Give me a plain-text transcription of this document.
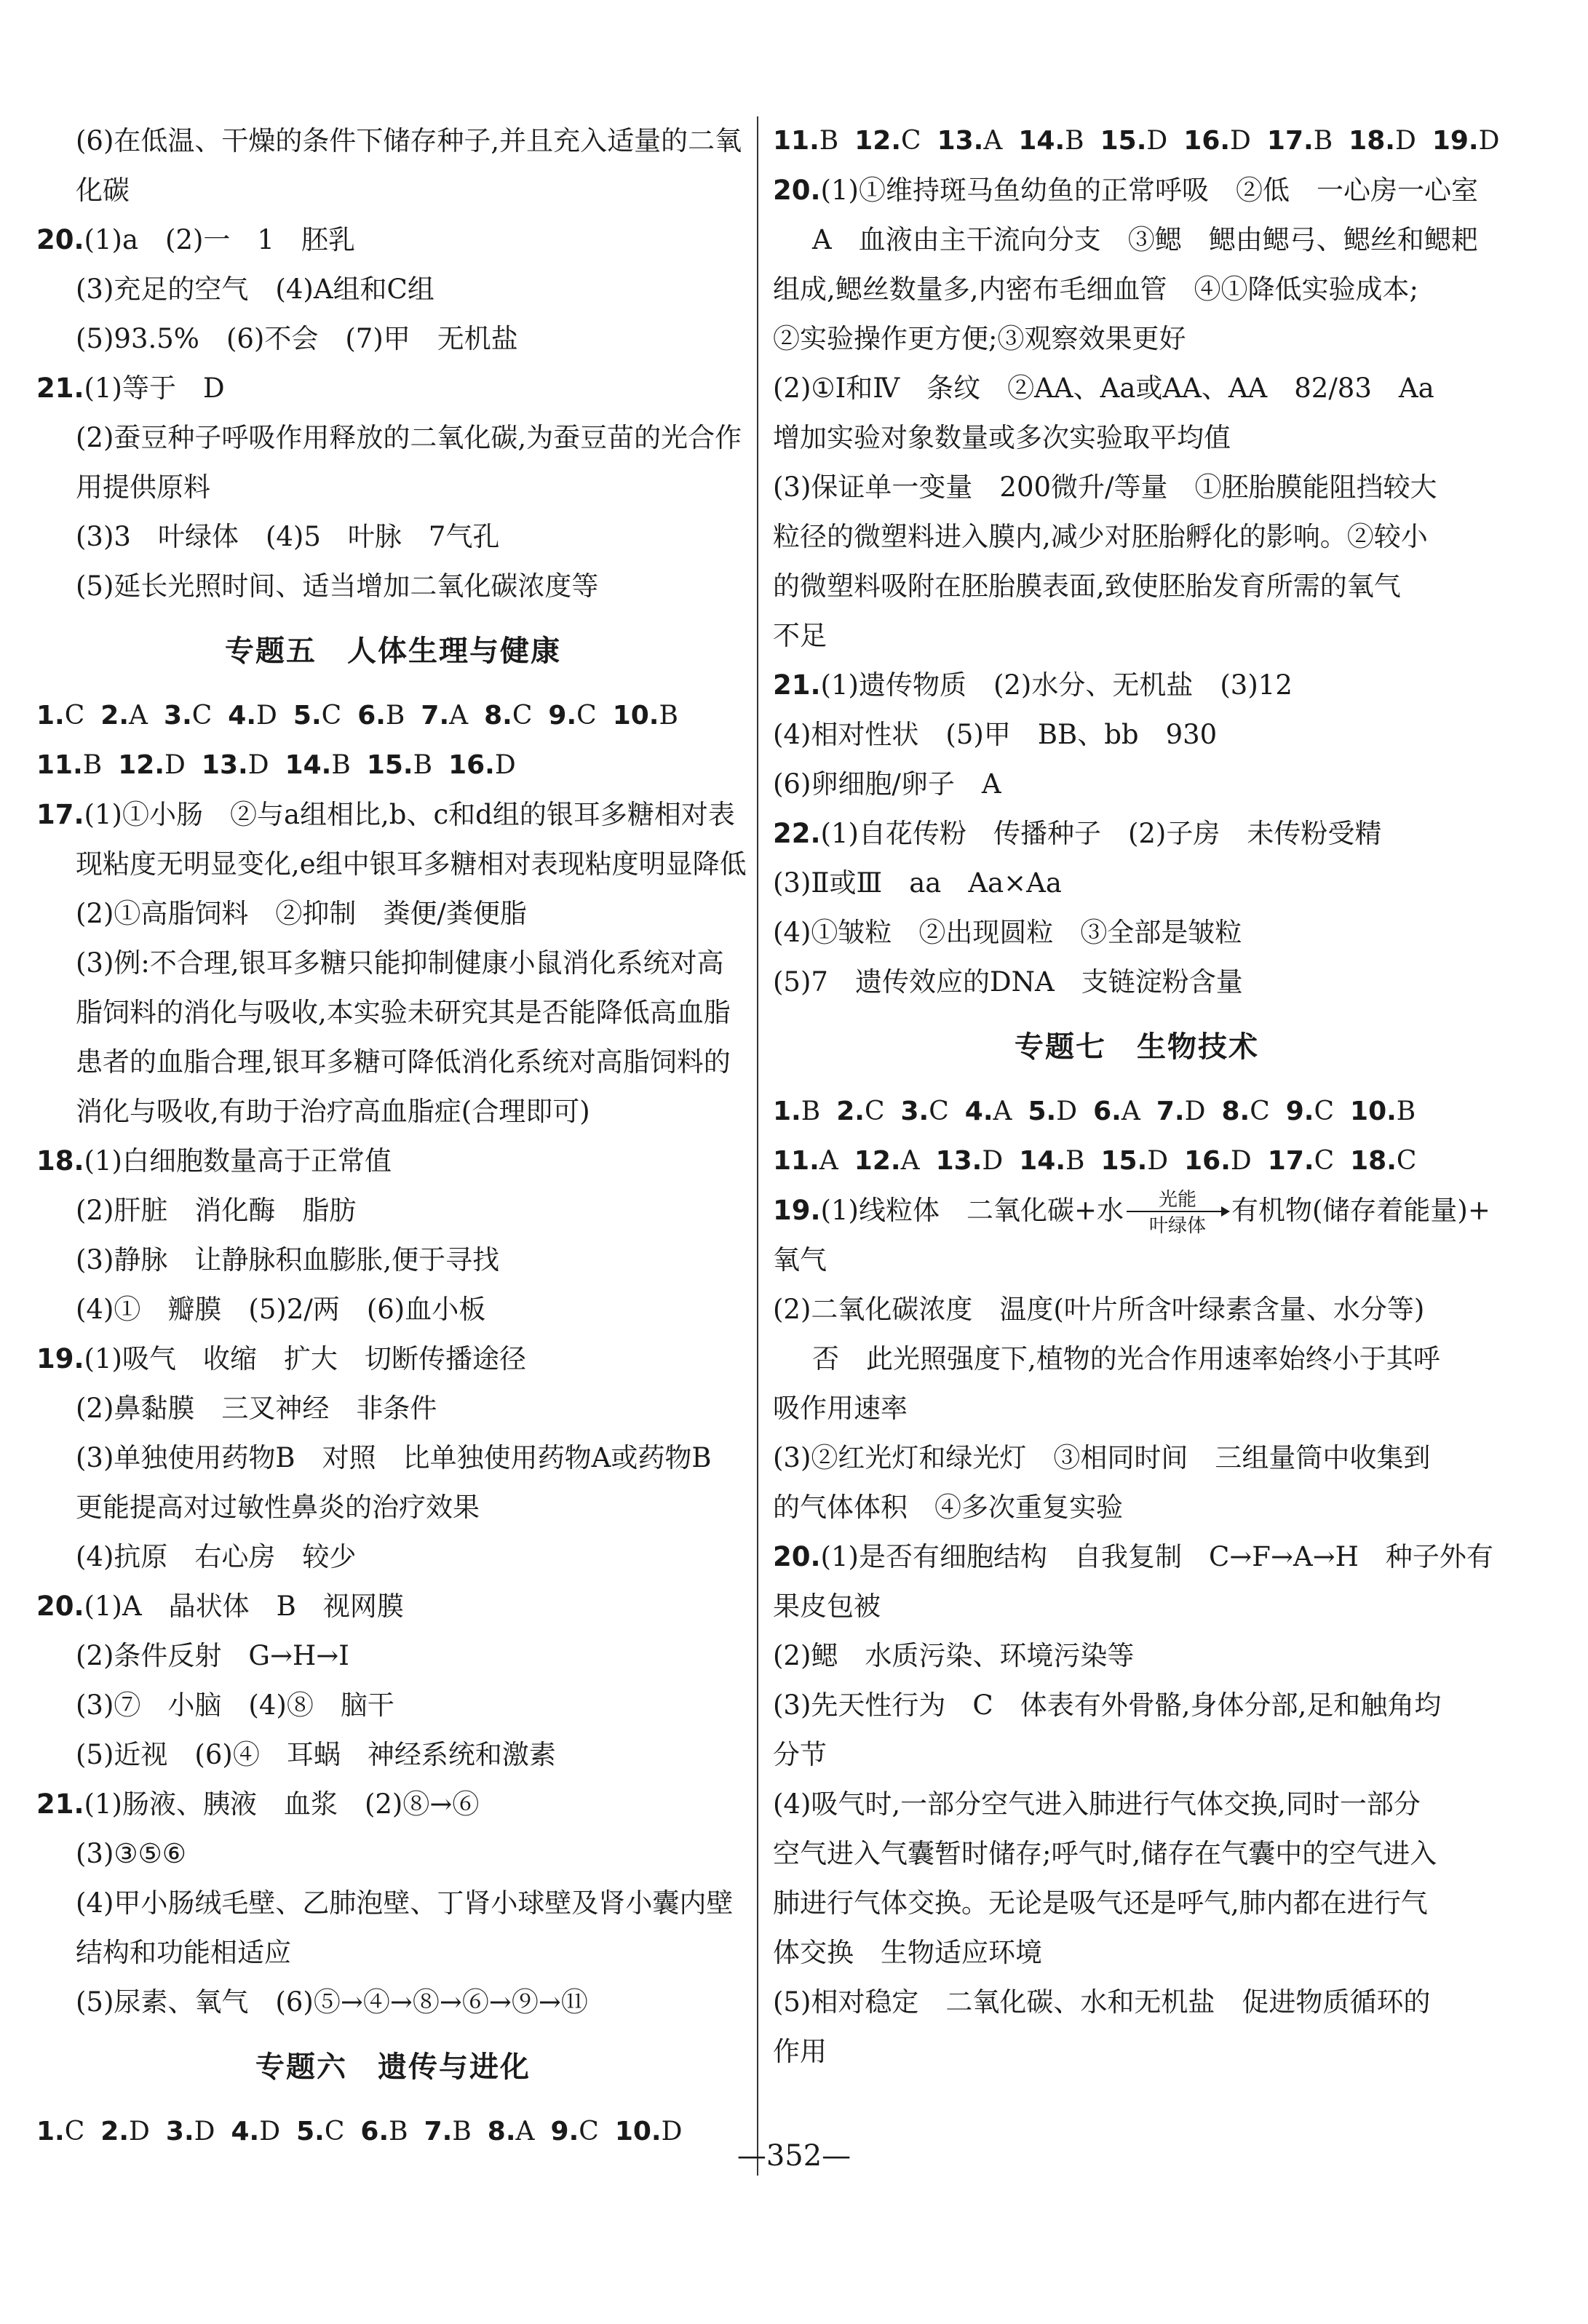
(6)在低温、干燥的条件下储存种子,并且充入适量的二氧
化碳
20.(1)a　(2)一　1　胚乳
(3)充足的空气　(4)A组和C组
(5)93.5%　(6)不会　(7)甲　无机盐
21.(1)等于　D
(2)蚕豆种子呼吸作用释放的二氧化碳,为蚕豆苗的光合作
用提供原料
(3)3　叶绿体　(4)5　叶脉　7气孔
(5)延长光照时间、适当增加二氧化碳浓度等
专题五　人体生理与健康
1.C 2.A 3.C 4.D 5.C 6.B 7.A 8.C 9.C 10.B
11.B 12.D 13.D 14.B 15.B 16.D
17.(1)①小肠　②与a组相比,b、c和d组的银耳多糖相对表
现粘度无明显变化,e组中银耳多糖相对表现粘度明显降低
(2)①高脂饲料　②抑制　粪便/粪便脂
(3)例:不合理,银耳多糖只能抑制健康小鼠消化系统对高
脂饲料的消化与吸收,本实验未研究其是否能降低高血脂
患者的血脂合理,银耳多糖可降低消化系统对高脂饲料的
消化与吸收,有助于治疗高血脂症(合理即可)
18.(1)白细胞数量高于正常值
(2)肝脏　消化酶　脂肪
(3)静脉　让静脉积血膨胀,便于寻找
(4)①　瓣膜　(5)2/两　(6)血小板
19.(1)吸气　收缩　扩大　切断传播途径
(2)鼻黏膜　三叉神经　非条件
(3)单独使用药物B　对照　比单独使用药物A或药物B
更能提高对过敏性鼻炎的治疗效果
(4)抗原　右心房　较少
20.(1)A　晶状体　B　视网膜
(2)条件反射　G→H→I
(3)⑦　小脑　(4)⑧　脑干
(5)近视　(6)④　耳蜗　神经系统和激素
21.(1)肠液、胰液　血浆　(2)⑧→⑥
(3)③⑤⑥
(4)甲小肠绒毛壁、乙肺泡壁、丁肾小球壁及肾小囊内壁
结构和功能相适应
(5)尿素、氧气　(6)⑤→④→⑧→⑥→⑨→⑪
专题六　遗传与进化
1.C 2.D 3.D 4.D 5.C 6.B 7.B 8.A 9.C 10.D
11.B 12.C 13.A 14.B 15.D 16.D 17.B 18.D 19.D
20.(1)①维持斑马鱼幼鱼的正常呼吸　②低　一心房一心室
A　血液由主干流向分支　③鳃　鳃由鳃弓、鳃丝和鳃耙
组成,鳃丝数量多,内密布毛细血管　④①降低实验成本;
②实验操作更方便;③观察效果更好
(2)①Ⅰ和Ⅳ　条纹　②AA、Aa或AA、AA　82/83　Aa
增加实验对象数量或多次实验取平均值
(3)保证单一变量　200微升/等量　①胚胎膜能阻挡较大
粒径的微塑料进入膜内,减少对胚胎孵化的影响。②较小
的微塑料吸附在胚胎膜表面,致使胚胎发育所需的氧气
不足
21.(1)遗传物质　(2)水分、无机盐　(3)12
(4)相对性状　(5)甲　BB、bb　930
(6)卵细胞/卵子　A
22.(1)自花传粉　传播种子　(2)子房　未传粉受精
(3)Ⅱ或Ⅲ　aa　Aa×Aa
(4)①皱粒　②出现圆粒　③全部是皱粒
(5)7　遗传效应的DNA　支链淀粉含量
专题七　生物技术
1.B 2.C 3.C 4.A 5.D 6.A 7.D 8.C 9.C 10.B
11.A 12.A 13.D 14.B 15.D 16.D 17.C 18.C
19.(1)线粒体　二氧化碳+水	光能
叶绿体 有机物(储存着能量)+
氧气
(2)二氧化碳浓度　温度(叶片所含叶绿素含量、水分等)
否　此光照强度下,植物的光合作用速率始终小于其呼
吸作用速率
(3)②红光灯和绿光灯　③相同时间　三组量筒中收集到
的气体体积　④多次重复实验
20.(1)是否有细胞结构　自我复制　C→F→A→H　种子外有
果皮包被
(2)鳃　水质污染、环境污染等
(3)先天性行为　C　体表有外骨骼,身体分部,足和触角均
分节
(4)吸气时,一部分空气进入肺进行气体交换,同时一部分
空气进入气囊暂时储存;呼气时,储存在气囊中的空气进入
肺进行气体交换。无论是吸气还是呼气,肺内都在进行气
体交换　生物适应环境
(5)相对稳定　二氧化碳、水和无机盐　促进物质循环的
作用
—352—
